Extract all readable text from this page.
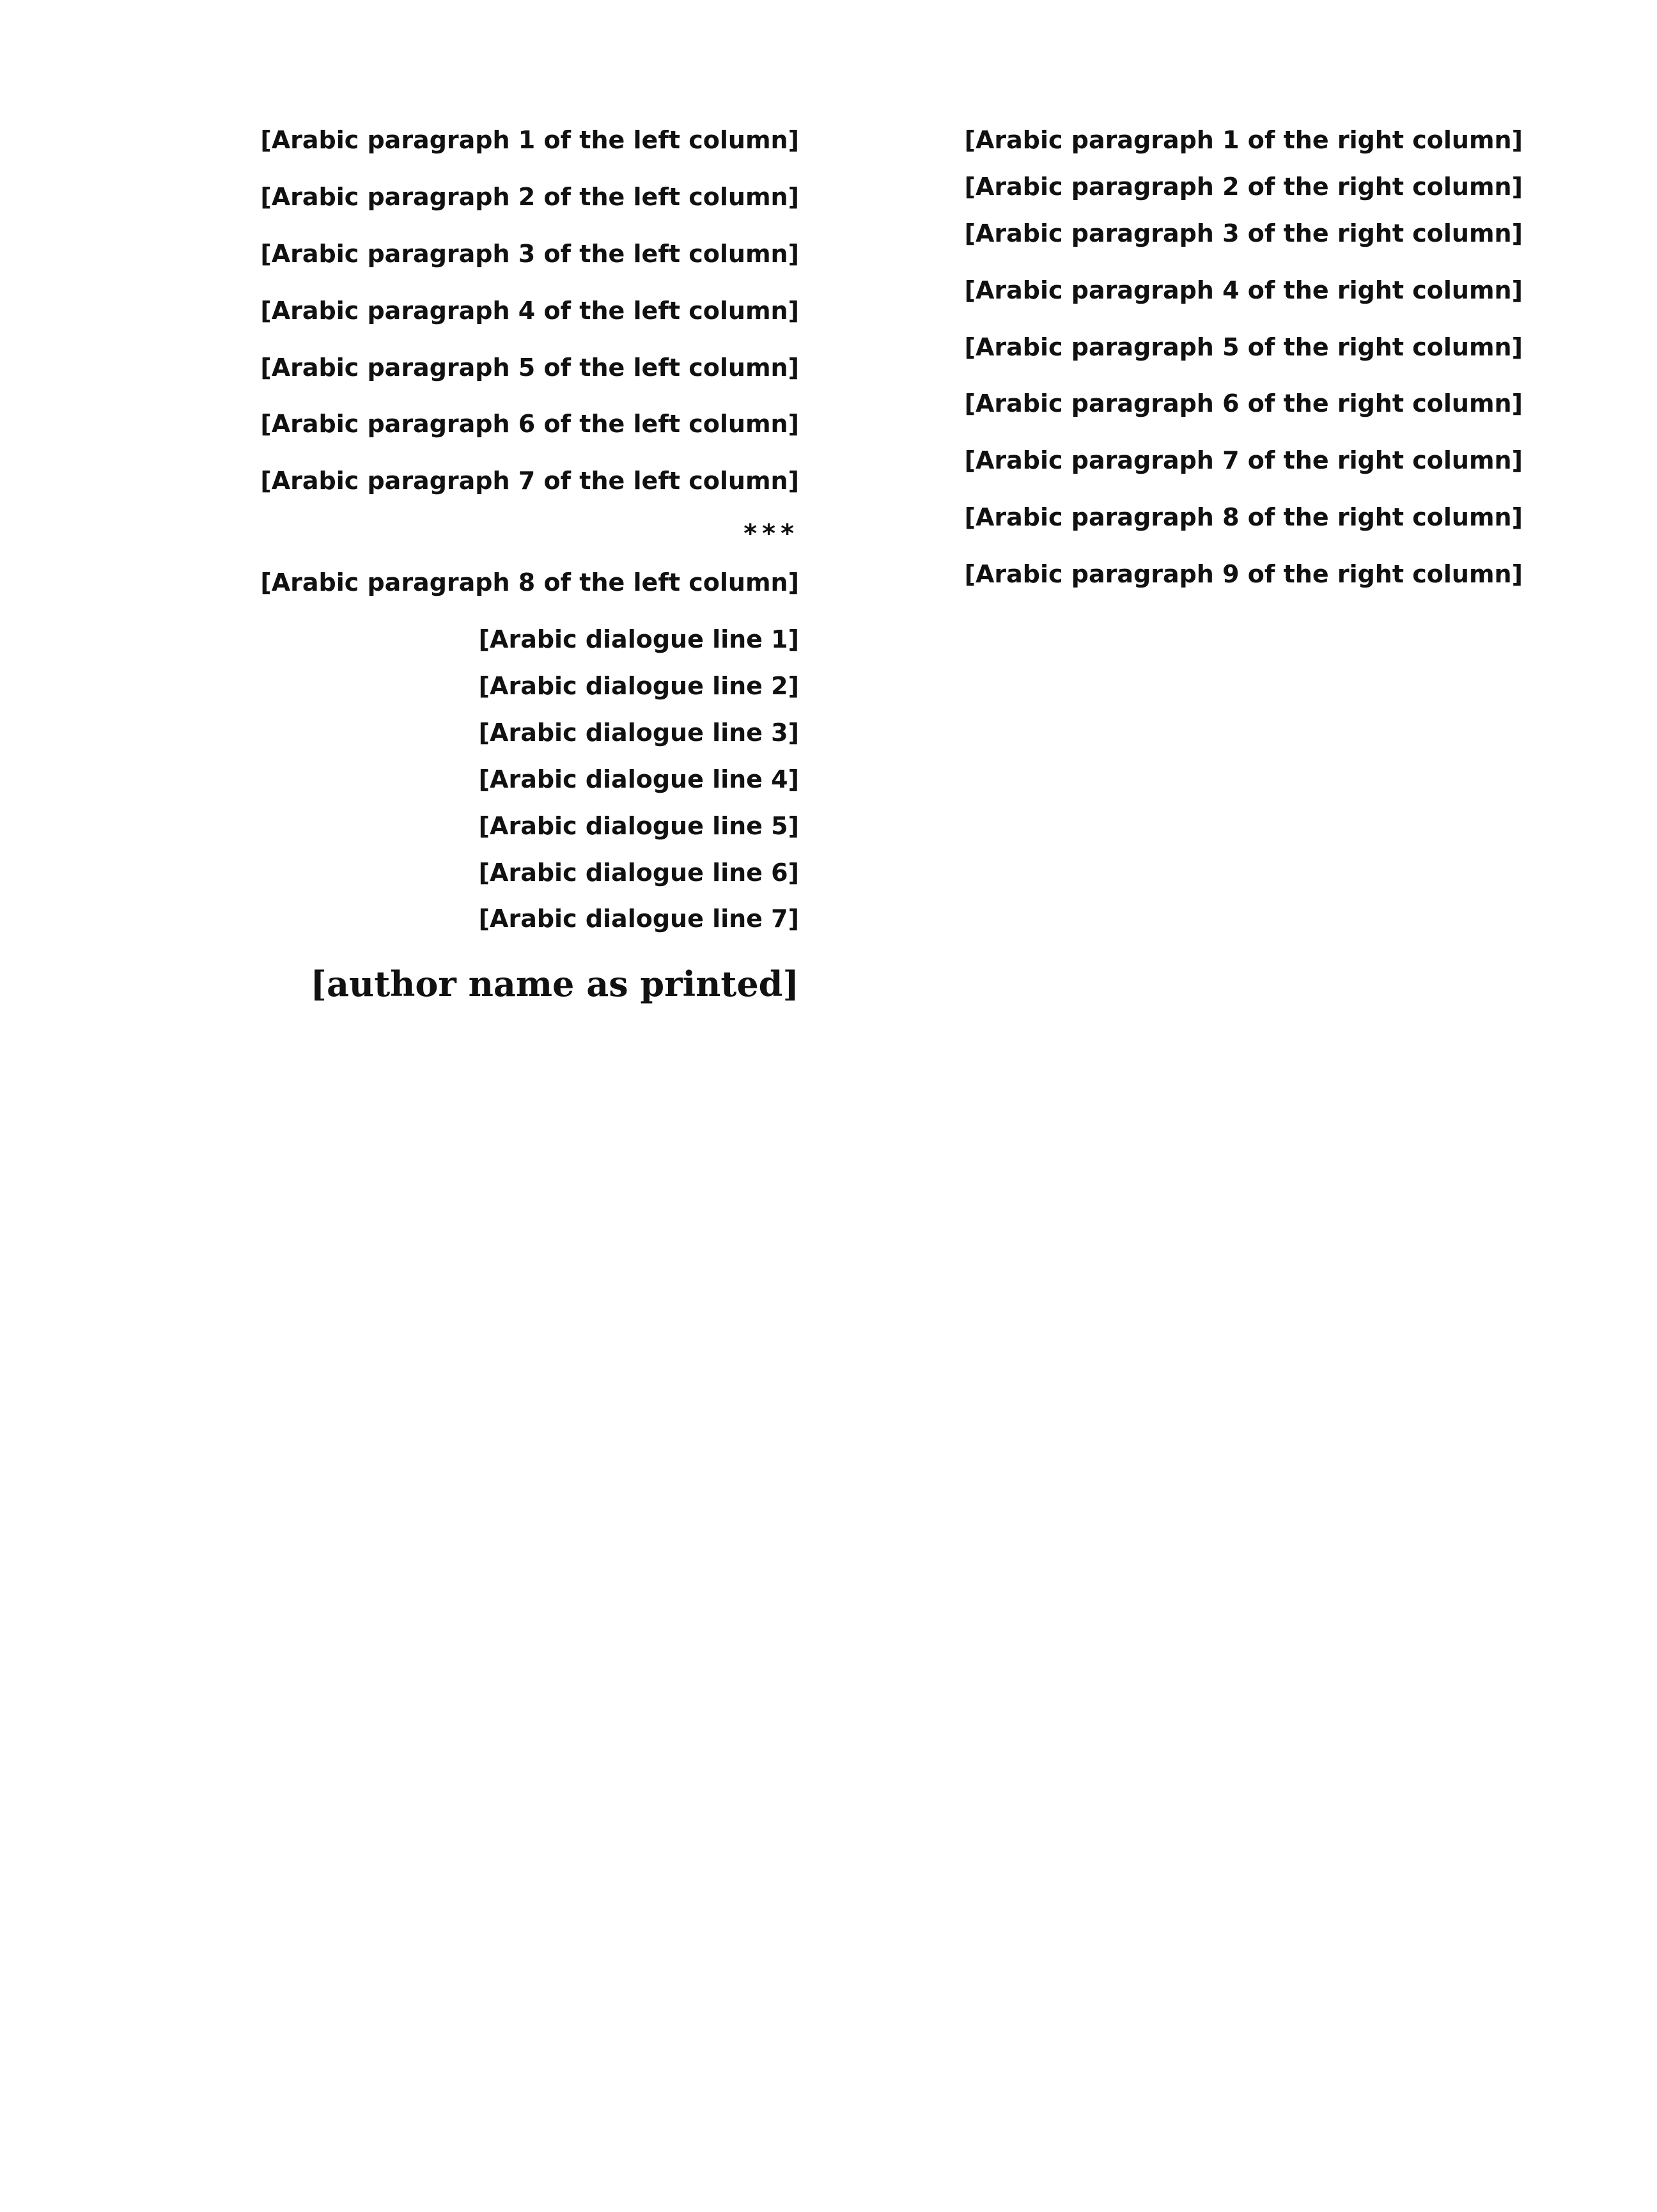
[Arabic paragraph 1 of the right column]

[Arabic paragraph 2 of the right column]

[Arabic paragraph 3 of the right column]

[Arabic paragraph 4 of the right column]

[Arabic paragraph 5 of the right column]

[Arabic paragraph 6 of the right column]

[Arabic paragraph 7 of the right column]

[Arabic paragraph 8 of the right column]

[Arabic paragraph 9 of the right column]

[Arabic paragraph 1 of the left column]

[Arabic paragraph 2 of the left column]

[Arabic paragraph 3 of the left column]

[Arabic paragraph 4 of the left column]

[Arabic paragraph 5 of the left column]

[Arabic paragraph 6 of the left column]

[Arabic paragraph 7 of the left column]

***

[Arabic paragraph 8 of the left column]

[Arabic dialogue line 1]

[Arabic dialogue line 2]

[Arabic dialogue line 3]

[Arabic dialogue line 4]

[Arabic dialogue line 5]

[Arabic dialogue line 6]

[Arabic dialogue line 7]

[author name as printed]
